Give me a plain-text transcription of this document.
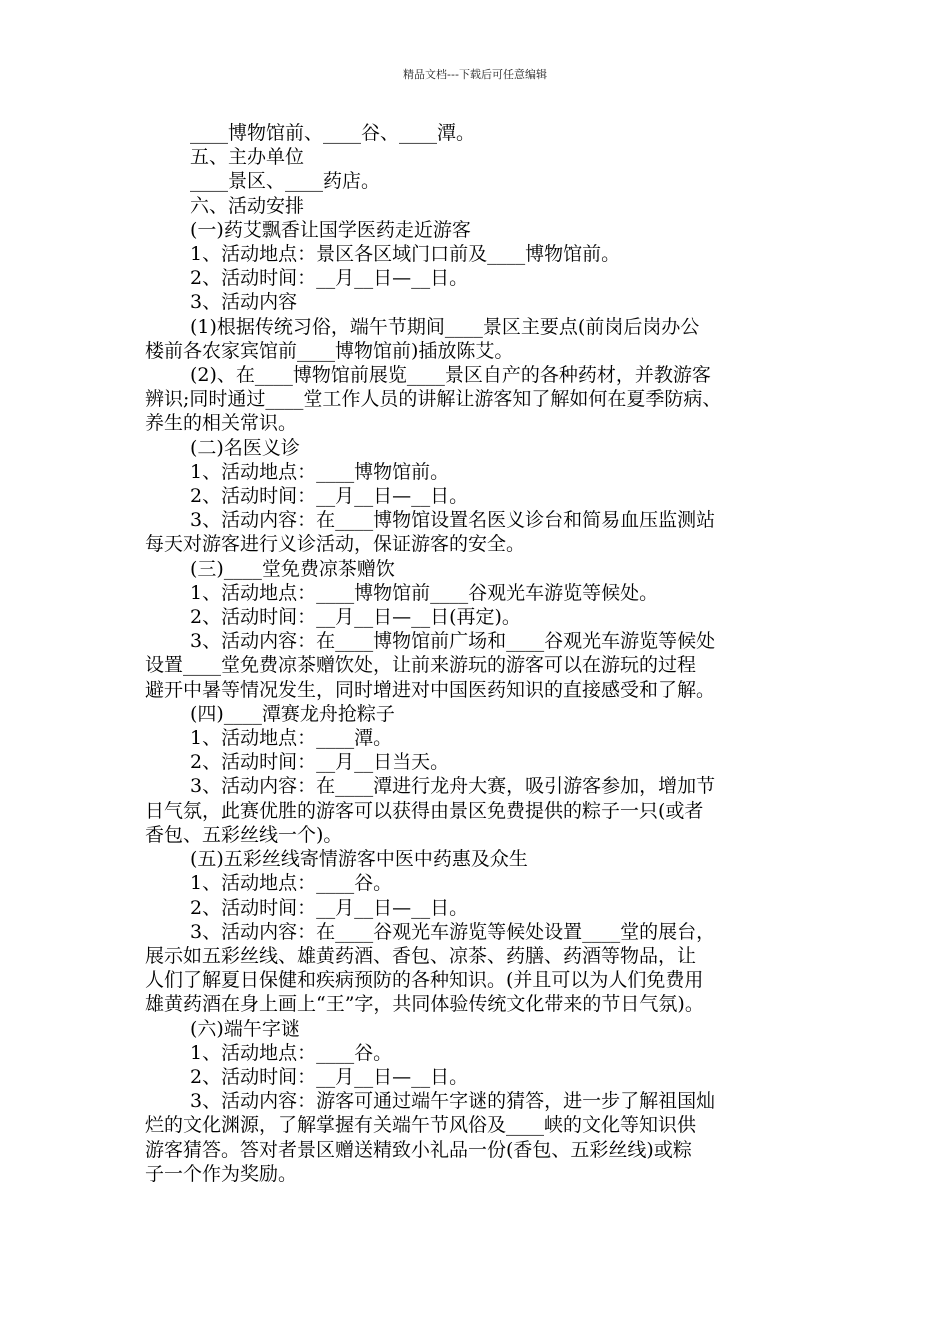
精品文档---下载后可任意编辑
____博物馆前、____谷、____潭。
五、主办单位
____景区、____药店。
六、活动安排
(一)药艾飘香让国学医药走近游客
1、活动地点：景区各区域门口前及____博物馆前。
2、活动时间：__月__日—__日。
3、活动内容
(1)根据传统习俗，端午节期间____景区主要点(前岗后岗办公
楼前各农家宾馆前____博物馆前)插放陈艾。
(2)、在____博物馆前展览____景区自产的各种药材，并教游客
辨识;同时通过____堂工作人员的讲解让游客知了解如何在夏季防病、
养生的相关常识。
(二)名医义诊
1、活动地点：____博物馆前。
2、活动时间：__月__日—__日。
3、活动内容：在____博物馆设置名医义诊台和简易血压监测站
每天对游客进行义诊活动，保证游客的安全。
(三)____堂免费凉茶赠饮
1、活动地点：____博物馆前____谷观光车游览等候处。
2、活动时间：__月__日—__日(再定)。
3、活动内容：在____博物馆前广场和____谷观光车游览等候处
设置____堂免费凉茶赠饮处，让前来游玩的游客可以在游玩的过程
避开中暑等情况发生，同时增进对中国医药知识的直接感受和了解。
(四)____潭赛龙舟抢粽子
1、活动地点：____潭。
2、活动时间：__月__日当天。
3、活动内容：在____潭进行龙舟大赛，吸引游客参加，增加节
日气氛，此赛优胜的游客可以获得由景区免费提供的粽子一只(或者
香包、五彩丝线一个)。
(五)五彩丝线寄情游客中医中药惠及众生
1、活动地点：____谷。
2、活动时间：__月__日—__日。
3、活动内容：在____谷观光车游览等候处设置____堂的展台，
展示如五彩丝线、雄黄药酒、香包、凉茶、药膳、药酒等物品，让
人们了解夏日保健和疾病预防的各种知识。(并且可以为人们免费用
雄黄药酒在身上画上“王”字，共同体验传统文化带来的节日气氛)。
(六)端午字谜
1、活动地点：____谷。
2、活动时间：__月__日—__日。
3、活动内容：游客可通过端午字谜的猜答，进一步了解祖国灿
烂的文化渊源，了解掌握有关端午节风俗及____峡的文化等知识供
游客猜答。答对者景区赠送精致小礼品一份(香包、五彩丝线)或粽
子一个作为奖励。
